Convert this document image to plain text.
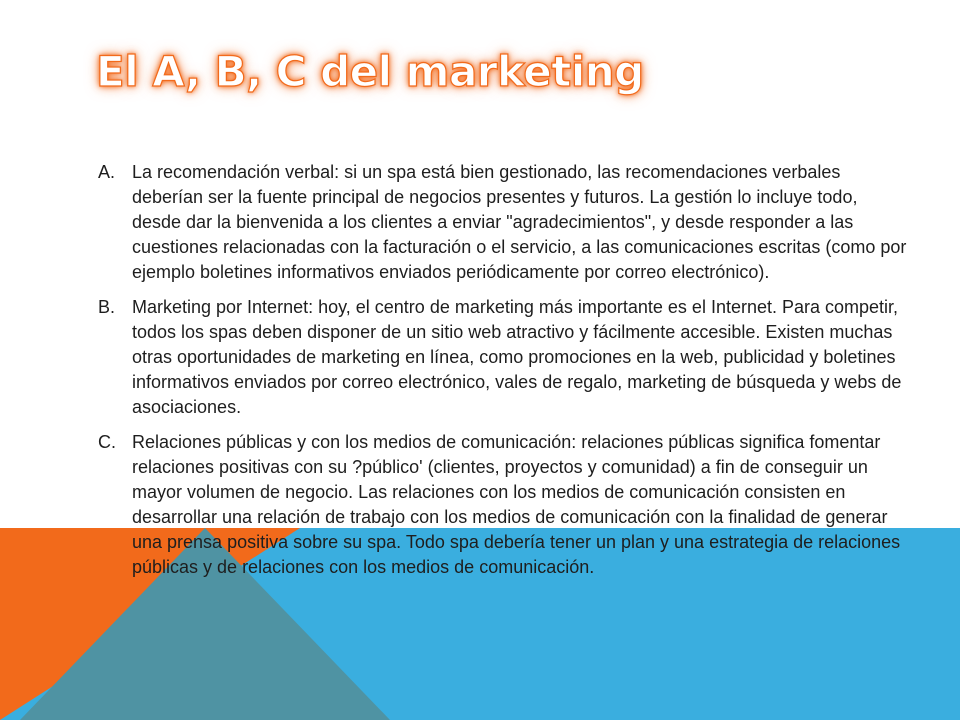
El A, B, C del marketing
A. La recomendación verbal: si un spa está bien gestionado, las recomendaciones verbales deberían ser la fuente principal de negocios presentes y futuros. La gestión lo incluye todo, desde dar la bienvenida a los clientes a enviar "agradecimientos", y desde responder a las cuestiones relacionadas con la facturación o el servicio, a las comunicaciones escritas (como por ejemplo boletines informativos enviados periódicamente por correo electrónico).
B. Marketing por Internet: hoy, el centro de marketing más importante es el Internet. Para competir, todos los spas deben disponer de un sitio web atractivo y fácilmente accesible. Existen muchas otras oportunidades de marketing en línea, como promociones en la web, publicidad y boletines informativos enviados por correo electrónico, vales de regalo, marketing de búsqueda y webs de asociaciones.
C. Relaciones públicas y con los medios de comunicación: relaciones públicas significa fomentar relaciones positivas con su ?público' (clientes, proyectos y comunidad) a fin de conseguir un mayor volumen de negocio. Las relaciones con los medios de comunicación consisten en desarrollar una relación de trabajo con los medios de comunicación con la finalidad de generar una prensa positiva sobre su spa. Todo spa debería tener un plan y una estrategia de relaciones públicas y de relaciones con los medios de comunicación.
